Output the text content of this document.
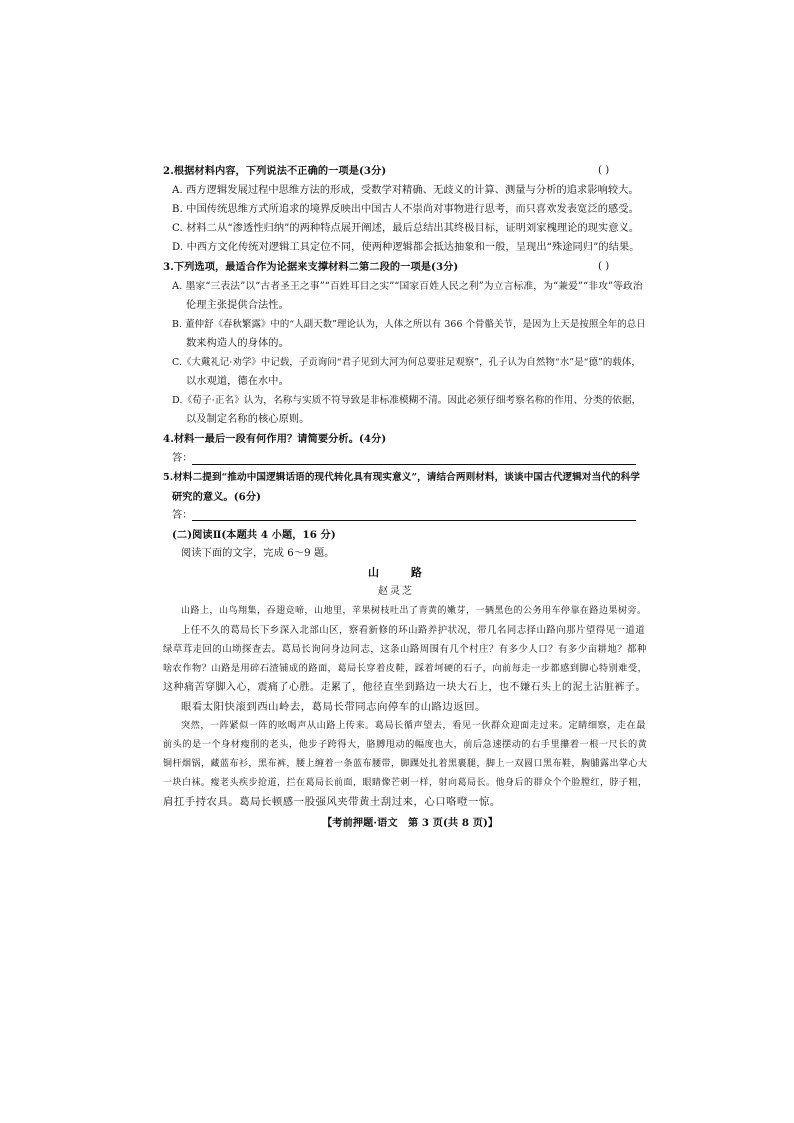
2.根据材料内容，下列说法不正确的一项是(3分)	( )
A. 西方逻辑发展过程中思维方法的形成，受数学对精确、无歧义的计算、测量与分析的追求影响较大。
B. 中国传统思维方式所追求的境界反映出中国古人不崇尚对事物进行思考，而只喜欢发表宽泛的感受。
C. 材料二从“渗透性归纳”的两种特点展开阐述，最后总结出其终极目标，证明刘家槐理论的现实意义。
D. 中西方文化传统对逻辑工具定位不同，使两种逻辑都会抵达抽象和一般，呈现出“殊途同归”的结果。
3.下列选项，最适合作为论据来支撑材料二第二段的一项是(3分)	( )
A. 墨家“三表法”以“古者圣王之事”“百姓耳目之实”“国家百姓人民之利”为立言标准，为“兼爱”“非攻”等政治
伦理主张提供合法性。
B. 董仲舒《春秋繁露》中的“人副天数”理论认为，人体之所以有 366 个骨骼关节，是因为上天是按照全年的总日
数来构造人的身体的。
C.《大戴礼记·劝学》中记载，子贡询问“君子见到大河为何总要驻足观察”，孔子认为自然物“水”是“德”的载体，
以水观道，德在水中。
D.《荀子·正名》认为，名称与实质不符导致是非标准模糊不清。因此必须仔细考察名称的作用、分类的依据，
以及制定名称的核心原则。
4.材料一最后一段有何作用？请简要分析。(4分)
答：
5.材料二提到“推动中国逻辑话语的现代转化具有现实意义”，请结合两则材料，谈谈中国古代逻辑对当代的科学
研究的意义。(6分)
答：
(二)阅读Ⅱ(本题共 4 小题，16 分)
阅读下面的文字，完成 6～9 题。
山 路
赵灵芝
山路上，山鸟翔集，吞翅竞啼，山地里，苹果树枝吐出了青黄的嫩芽，一辆黑色的公务用车停靠在路边果树旁。
上任不久的葛局长下乡深入北部山区，察看新修的环山路养护状况，带几名同志择山路向那片望得见一道道
绿草茸走回的山坳探查去。葛局长询问身边同志，这条山路周围有几个村庄？有多少人口？有多少亩耕地？都种
啥农作物？山路是用碎石渣铺成的路面，葛局长穿着皮鞋，踩着坷硬的石子，向前每走一步都感到脚心特别难受，
这种痛苦穿脚入心，震痛了心胜。走累了，他径直坐到路边一块大石上，也不嫌石头上的泥土沾脏裤子。
眼看太阳快滚到西山岭去，葛局长带同志向停车的山路边返回。
突然，一阵紧似一阵的吆喝声从山路上传来。葛局长循声望去，看见一伙群众迎面走过来。定睛细察，走在最
前头的是一个身材瘦削的老头，他步子跨得大，胳膊甩动的幅度也大，前后急速摆动的右手里攥着一根一尺长的黄
铜杆烟锅，藏蓝布衫，黑布裤，腰上缠着一条蓝布腰带，脚踝处扎着黑裹腿，脚上一双圆口黑布鞋，胸脯露出掌心大
一块白袜。瘦老头疾步抢道，拦在葛局长前面，眼睛像芒刺一样，射向葛局长。他身后的群众个个脸膛红，脖子粗，
肩扛手持农具。葛局长顿感一股强风夹带黄土刮过来，心口咯噔一惊。
【考前押题·语文　第 3 页(共 8 页)】
